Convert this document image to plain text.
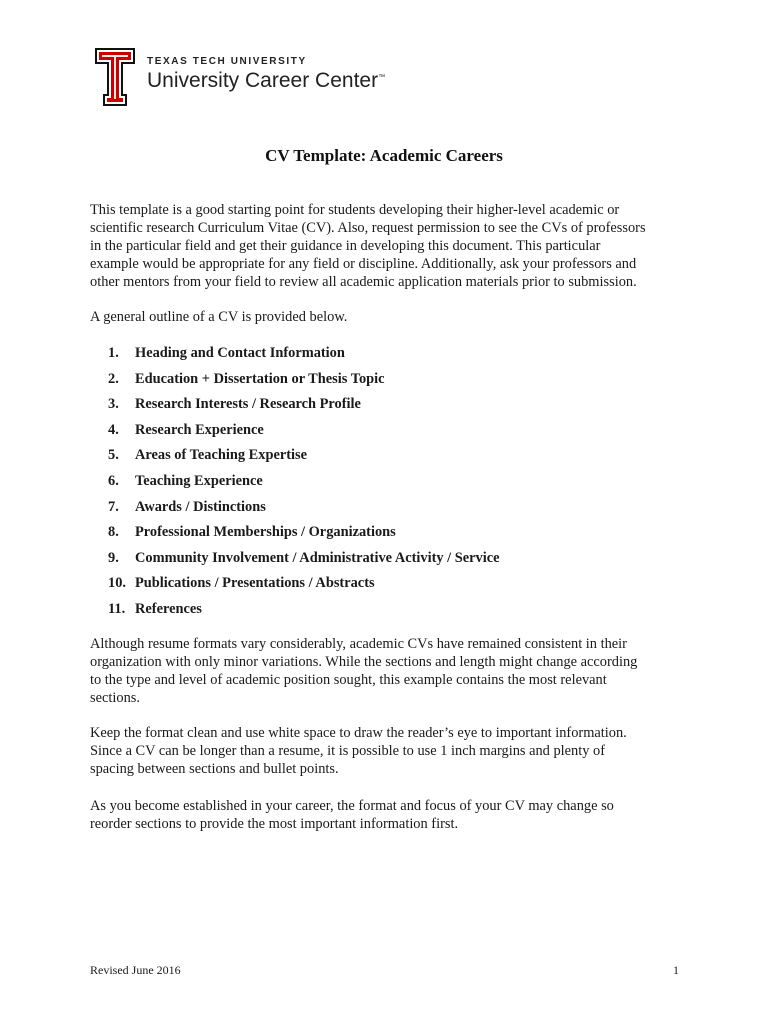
TEXAS TECH UNIVERSITY
University Career Center™
CV Template: Academic Careers

This template is a good starting point for students developing their higher-level academic or
scientific research Curriculum Vitae (CV). Also, request permission to see the CVs of professors
in the particular field and get their guidance in developing this document. This particular
example would be appropriate for any field or discipline. Additionally, ask your professors and
other mentors from your field to review all academic application materials prior to submission.

A general outline of a CV is provided below.

1. Heading and Contact Information
2. Education + Dissertation or Thesis Topic
3. Research Interests / Research Profile
4. Research Experience
5. Areas of Teaching Expertise
6. Teaching Experience
7. Awards / Distinctions
8. Professional Memberships / Organizations
9. Community Involvement / Administrative Activity / Service
10. Publications / Presentations / Abstracts
11. References

Although resume formats vary considerably, academic CVs have remained consistent in their
organization with only minor variations. While the sections and length might change according
to the type and level of academic position sought, this example contains the most relevant
sections.

Keep the format clean and use white space to draw the reader’s eye to important information.
Since a CV can be longer than a resume, it is possible to use 1 inch margins and plenty of
spacing between sections and bullet points.

As you become established in your career, the format and focus of your CV may change so
reorder sections to provide the most important information first.

Revised June 2016	1
